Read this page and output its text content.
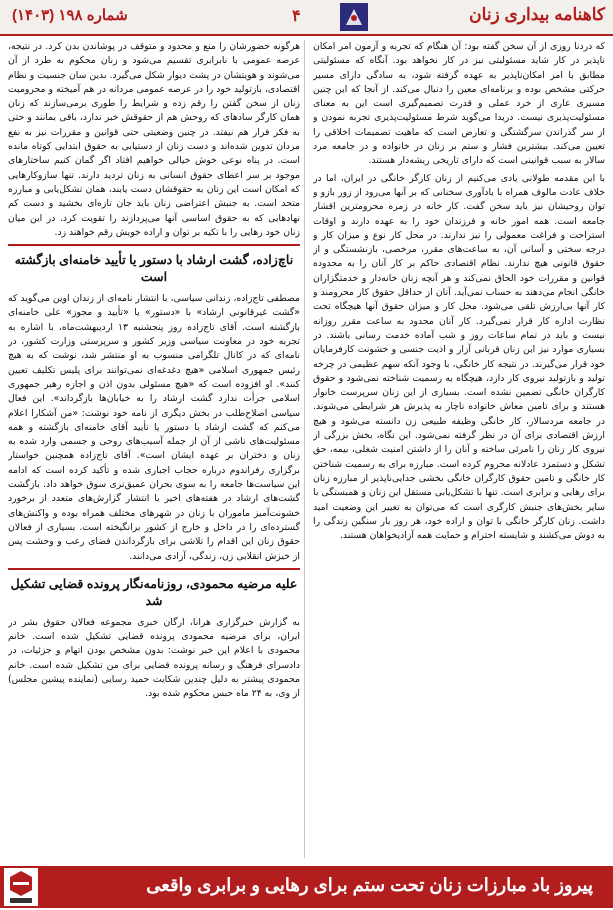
کاهنامه بیداری زنان
۴
شماره ۱۹۸ (۱۴۰۳)

که دردنا روزی از آن سخن گفته بود: آن هنگام که تجربه و آزمون امر امکان ناپذیر در کار شاید مسئولیتی نیز در کار نخواهد بود. آنگاه که مسئولیتی مطابق با امر امکان‌ناپذیر به عهده گرفته شود، به سادگی دارای مسیر حرکتی مشخص بوده و برنامه‌ای معین را دنبال می‌کند. از آنجا که این چنین مسیری عاری از خرد عملی و قدرت تصمیم‌گیری است این به معنای مسئولیت‌پذیری نیست. دریدا می‌گوید شرط مسئولیت‌پذیری تجربه نمودن و از سر گذراندن سرگشتگی و تعارض است که ماهیت تصمیمات اخلاقی را تعیین می‌کند. بیشترین فشار و ستم بر زنان در خانواده و در جامعه مرد سالار به سبب قوانینی است که دارای تاریخی ریشه‌دار هستند.

با این مقدمه طولانی یادی می‌کنیم از زنان کارگر خانگی در ایران، اما در خلاف عادت مالوف همراه با یادآوری سخنانی که بر آنها می‌رود از زور بازو و توان روحیشان نیز باید سخن گفت. کار خانه در زمره محرومترین اقشار جامعه است. همه امور خانه و فرزندان خود را به عهده دارند و اوقات استراحت و فراغت معمولی را نیز ندارند. در محل کار نوع و میزان کار و درجه سختی و آسانی آن، به ساعت‌های مقرر، مرخصی، بازنشستگی و از حقوق قانونی هیچ ندارند. نظام اقتصادی حاکم بر کار آنان را به محدوده قوانین و مقررات خود الحاق نمی‌کند و هر آنچه زنان خانه‌دار و خدمتگزاران خانگی انجام می‌دهند به حساب نمی‌آید. آنان از حداقل حقوق کار محرومند و کار آنها بی‌ارزش تلقی می‌شود. محل کار و میزان حقوق آنها هیچگاه تحت نظارت اداره کار قرار نمی‌گیرد. کار آنان محدود به ساعت مقرر روزانه نیست و باید در تمام ساعات روز و شب آماده خدمت رسانی باشند. در بسیاری موارد نیز این زنان قربانی آزار و اذیت جنسی و خشونت کارفرمایان خود قرار می‌گیرند. در نتیجه کار خانگی، با وجود آنکه سهم عظیمی در چرخه تولید و بازتولید نیروی کار دارد، هیچگاه به رسمیت شناخته نمی‌شود و حقوق کارگران خانگی تضمین نشده است. بسیاری از این زنان سرپرست خانوار هستند و برای تامین معاش خانواده ناچار به پذیرش هر شرایطی می‌شوند. در جامعه مردسالار، کار خانگی وظیفه طبیعی زن دانسته می‌شود و هیچ ارزش اقتصادی برای آن در نظر گرفته نمی‌شود. این نگاه، بخش بزرگی از نیروی کار زنان را نامرئی ساخته و آنان را از داشتن امنیت شغلی، بیمه، حق تشکل و دستمزد عادلانه محروم کرده است. مبارزه برای به رسمیت شناختن کار خانگی و تامین حقوق کارگران خانگی بخشی جدایی‌ناپذیر از مبارزه زنان برای رهایی و برابری است. تنها با تشکل‌یابی مستقل این زنان و همبستگی با سایر بخش‌های جنبش کارگری است که می‌توان به تغییر این وضعیت امید داشت. زنان کارگر خانگی با توان و اراده خود، هر روز بار سنگین زندگی را به دوش می‌کشند و شایسته احترام و حمایت همه آزادیخواهان هستند.

هرگونه حضورشان را منع و محدود و متوقف در پوشاندن بدن کرد. در نتیجه، عرصه عمومی با نابرابری تقسیم می‌شود و زنان محکوم به طرد از آن می‌شوند و هویتشان در پشت دیوار شکل می‌گیرد. بدین سان جنسیت و نظام اقتصادی، بازتولید خود را در عرصه عمومی مردانه در هم آمیخته و محرومیت زنان از سخن گفتن را رقم زده و شرایط را طوری برمی‌سازند که زنان همان کارگر سادهای که روحش هم از حقوقش خبر ندارد، باقی بمانند و حتی به فکر فرار هم نیفتد. در چنین وضعیتی حتی قوانین و مقررات نیز به نفع مردان تدوین شده‌اند و دست زنان از دستیابی به حقوق ابتدایی کوتاه مانده است. در پناه نوعی خوش خیالی خواهیم افتاد اگر گمان کنیم ساختارهای موجود بر سر اعطای حقوق انسانی به زنان تردید دارند. تنها سازوکارهایی که امکان است این زنان به حقوقشان دست یابند، همان تشکل‌یابی و مبارزه متحد است. به جنبش اعتراضی زنان باید جان تازه‌ای بخشید و دست کم نهادهایی که به حقوق اساسی آنها می‌پردازند را تقویت کرد. در این میان زنان خود رهایی را با تکیه بر توان و اراده خویش رقم خواهند زد.

ناچ‌زاده، گشت ارشاد با دستور یا تأیید خامنه‌ای بازگشته است

مصطفی تاج‌زاده، زندانی سیاسی، با انتشار نامه‌ای از زندان اوین می‌گوید که «گشت غیرقانونی ارشاد» با «دستور» یا «تأیید و مجوز» علی خامنه‌ای بازگشته است. آقای تاج‌زاده روز پنجشنبه ۱۳ اردیبهشت‌ماه، با اشاره به تجربه خود در معاونت سیاسی وزیر کشور و سرپرستی وزارت کشور، در نامه‌ای که در کانال تلگرامی منسوب به او منتشر شد، نوشت که به هیچ رئیس جمهوری اسلامی «هیچ دغدغه‌ای نمی‌توانند برای پلیس تکلیف تعیین کنند». او افزوده است که «هیچ مسئولی بدون اذن و اجازه رهبر جمهوری اسلامی جرأت ندارد گشت ارشاد را به خیابان‌ها بازگرداند». این فعال سیاسی اصلاح‌طلب در بخش دیگری از نامه خود نوشت: «من آشکارا اعلام می‌کنم که گشت ارشاد با دستور یا تأیید آقای خامنه‌ای بازگشته و همه مسئولیت‌های ناشی از آن از جمله آسیب‌های روحی و جسمی وارد شده به زنان و دختران بر عهده ایشان است». آقای تاج‌زاده همچنین خواستار برگزاری رفراندوم درباره حجاب اجباری شده و تأکید کرده است که ادامه این سیاست‌ها جامعه را به سوی بحران عمیق‌تری سوق خواهد داد. بازگشت گشت‌های ارشاد در هفته‌های اخیر با انتشار گزارش‌های متعدد از برخورد خشونت‌آمیز ماموران با زنان در شهرهای مختلف همراه بوده و واکنش‌های گسترده‌ای را در داخل و خارج از کشور برانگیخته است. بسیاری از فعالان حقوق زنان این اقدام را تلاشی برای بازگرداندن فضای رعب و وحشت پس از خیزش انقلابی زن، زندگی، آزادی می‌دانند.

علیه مرضیه محمودی، روزنامه‌نگار پرونده قضایی تشکیل شد

به گزارش خبرگزاری هرانا، ارگان خبری مجموعه فعالان حقوق بشر در ایران، برای مرضیه محمودی پرونده قضایی تشکیل شده است. خانم محمودی با اعلام این خبر نوشت: بدون مشخص بودن اتهام و جزئیات، در دادسرای فرهنگ و رسانه پرونده قضایی برای من تشکیل شده است. خانم محمودی پیشتر به دلیل چندین شکایت حمید رسایی (نماینده پیشین مجلس) از وی، به ۲۴ ماه حبس محکوم شده بود.

پیروز باد مبارزات زنان تحت ستم برای رهایی و برابری واقعی
